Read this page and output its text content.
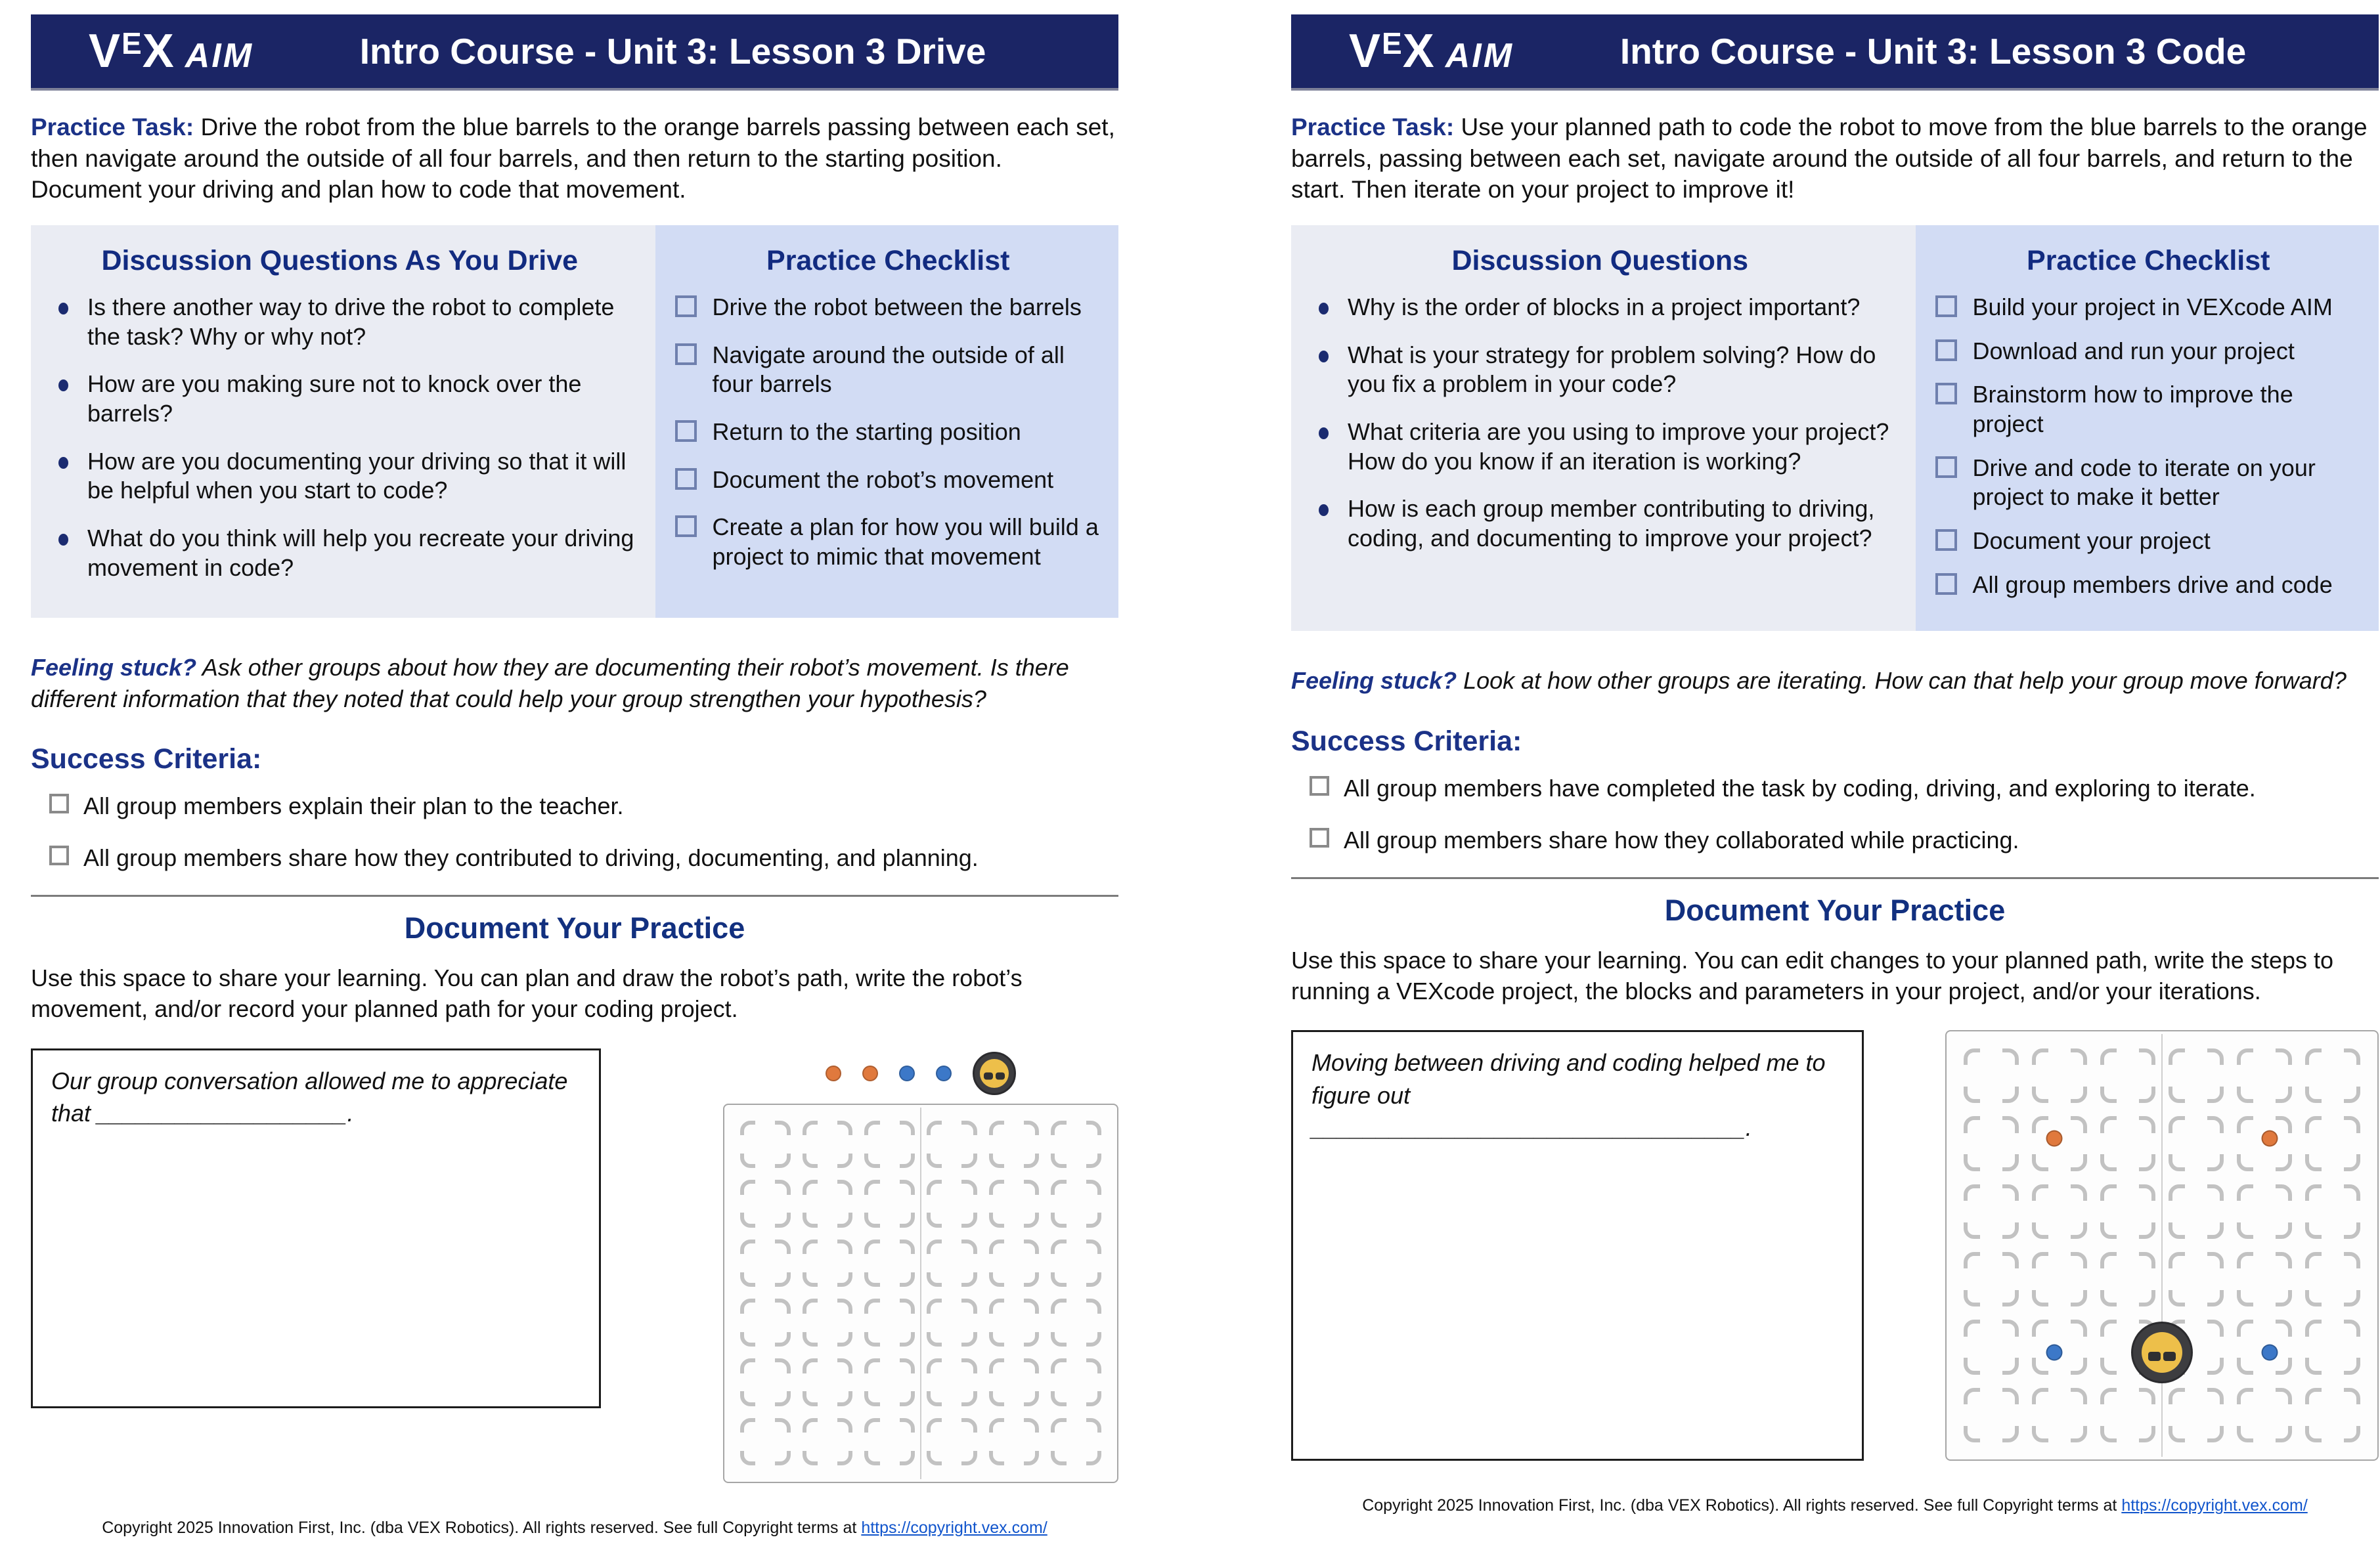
V E X AIM	Intro Course - Unit 3: Lesson 3 Drive

Practice Task: Drive the robot from the blue barrels to the orange barrels passing between each set, then navigate around the outside of all four barrels, and then return to the starting position. Document your driving and plan how to code that movement.

Discussion Questions As You Drive
Is there another way to drive the robot to complete the task? Why or why not?
How are you making sure not to knock over the barrels?
How are you documenting your driving so that it will be helpful when you start to code?
What do you think will help you recreate your driving movement in code?
Practice Checklist
Drive the robot between the barrels
Navigate around the outside of all four barrels
Return to the starting position
Document the robot’s movement
Create a plan for how you will build a project to mimic that movement

Feeling stuck? Ask other groups about how they are documenting their robot’s movement. Is there different information that they noted that could help your group strengthen your hypothesis?

Success Criteria:
All group members explain their plan to the teacher.
All group members share how they contributed to driving, documenting, and planning.
Document Your Practice

Use this space to share your learning. You can plan and draw the robot’s path, write the robot’s movement, and/or record your planned path for your coding project.

Our group conversation allowed me to appreciate that ___________________.

Copyright 2025 Innovation First, Inc. (dba VEX Robotics). All rights reserved. See full Copyright terms at https://copyright.vex.com/

V E X AIM	Intro Course - Unit 3: Lesson 3 Code

Practice Task: Use your planned path to code the robot to move from the blue barrels to the orange barrels, passing between each set, navigate around the outside of all four barrels, and return to the start. Then iterate on your project to improve it!

Discussion Questions
Why is the order of blocks in a project important?
What is your strategy for problem solving? How do you fix a problem in your code?
What criteria are you using to improve your project? How do you know if an iteration is working?
How is each group member contributing to driving, coding, and documenting to improve your project?
Practice Checklist
Build your project in VEXcode AIM
Download and run your project
Brainstorm how to improve the project
Drive and code to iterate on your project to make it better
Document your project
All group members drive and code

Feeling stuck? Look at how other groups are iterating. How can that help your group move forward?

Success Criteria:
All group members have completed the task by coding, driving, and exploring to iterate.
All group members share how they collaborated while practicing.
Document Your Practice

Use this space to share your learning. You can edit changes to your planned path, write the steps to running a VEXcode project, the blocks and parameters in your project, and/or your iterations.

Moving between driving and coding helped me to figure out _________________________________.

Copyright 2025 Innovation First, Inc. (dba VEX Robotics). All rights reserved. See full Copyright terms at https://copyright.vex.com/
